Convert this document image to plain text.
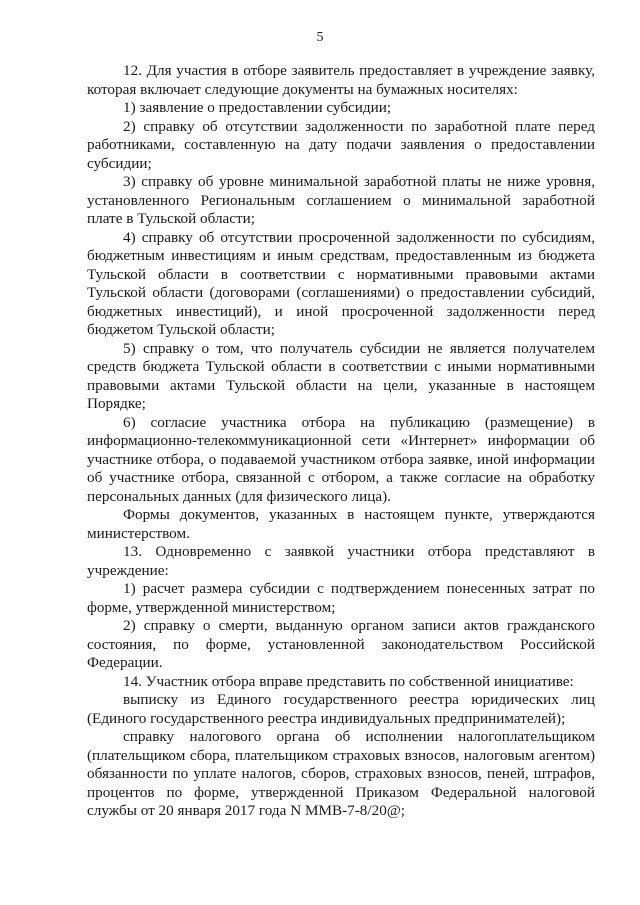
5

12. Для участия в отборе заявитель предоставляет в учреждение заявку, которая включает следующие документы на бумажных носителях:

1) заявление о предоставлении субсидии;

2) справку об отсутствии задолженности по заработной плате перед работниками, составленную на дату подачи заявления о предоставлении субсидии;

3) справку об уровне минимальной заработной платы не ниже уровня, установленного Региональным соглашением о минимальной заработной плате в Тульской области;

4) справку об отсутствии просроченной задолженности по субсидиям, бюджетным инвестициям и иным средствам, предоставленным из бюджета Тульской области в соответствии с нормативными правовыми актами Тульской области (договорами (соглашениями) о предоставлении субсидий, бюджетных инвестиций), и иной просроченной задолженности перед бюджетом Тульской области;

5) справку о том, что получатель субсидии не является получателем средств бюджета Тульской области в соответствии с иными нормативными правовыми актами Тульской области на цели, указанные в настоящем Порядке;

6) согласие участника отбора на публикацию (размещение) в информационно-телекоммуникационной сети «Интернет» информации об участнике отбора, о подаваемой участником отбора заявке, иной информации об участнике отбора, связанной с отбором, а также согласие на обработку персональных данных (для физического лица).

Формы документов, указанных в настоящем пункте, утверждаются министерством.

13. Одновременно с заявкой участники отбора представляют в учреждение:

1) расчет размера субсидии с подтверждением понесенных затрат по форме, утвержденной министерством;

2) справку о смерти, выданную органом записи актов гражданского состояния, по форме, установленной законодательством Российской Федерации.

14. Участник отбора вправе представить по собственной инициативе:

выписку из Единого государственного реестра юридических лиц (Единого государственного реестра индивидуальных предпринимателей);

справку налогового органа об исполнении налогоплательщиком (плательщиком сбора, плательщиком страховых взносов, налоговым агентом) обязанности по уплате налогов, сборов, страховых взносов, пеней, штрафов, процентов по форме, утвержденной Приказом Федеральной налоговой службы от 20 января 2017 года N ММВ-7-8/20@;
